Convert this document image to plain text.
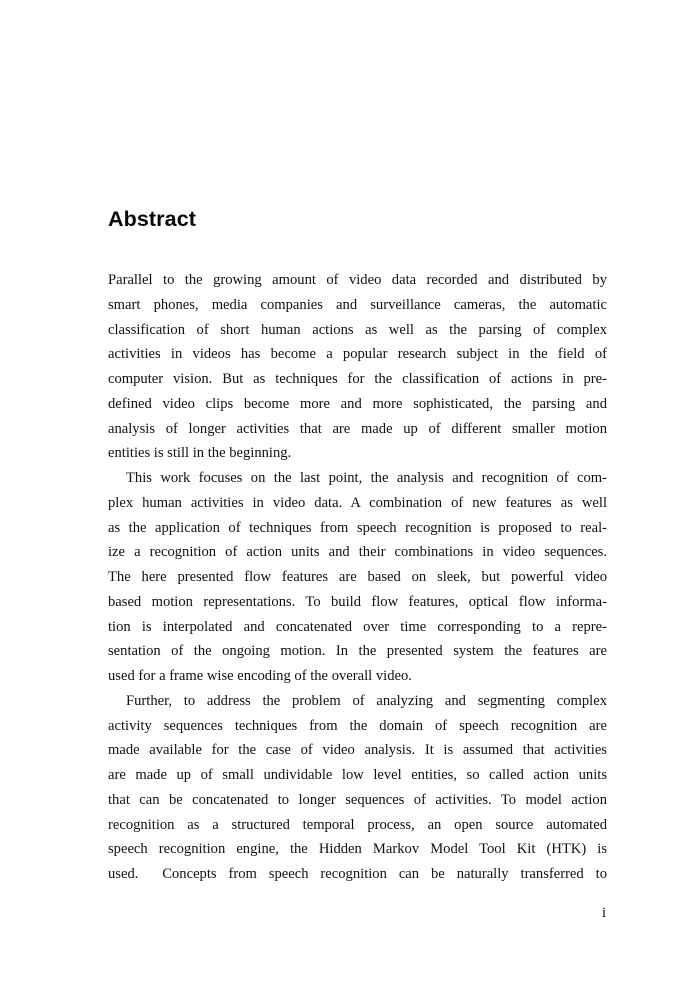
Abstract

Parallel to the growing amount of video data recorded and distributed by
smart phones, media companies and surveillance cameras, the automatic
classification of short human actions as well as the parsing of complex
activities in videos has become a popular research subject in the field of
computer vision. But as techniques for the classification of actions in pre-
defined video clips become more and more sophisticated, the parsing and
analysis of longer activities that are made up of different smaller motion
entities is still in the beginning.

This work focuses on the last point, the analysis and recognition of com-
plex human activities in video data. A combination of new features as well
as the application of techniques from speech recognition is proposed to real-
ize a recognition of action units and their combinations in video sequences.
The here presented flow features are based on sleek, but powerful video
based motion representations. To build flow features, optical flow informa-
tion is interpolated and concatenated over time corresponding to a repre-
sentation of the ongoing motion. In the presented system the features are
used for a frame wise encoding of the overall video.

Further, to address the problem of analyzing and segmenting complex
activity sequences techniques from the domain of speech recognition are
made available for the case of video analysis. It is assumed that activities
are made up of small undividable low level entities, so called action units
that can be concatenated to longer sequences of activities. To model action
recognition as a structured temporal process, an open source automated
speech recognition engine, the Hidden Markov Model Tool Kit (HTK) is
used.  Concepts from speech recognition can be naturally transferred to

i
